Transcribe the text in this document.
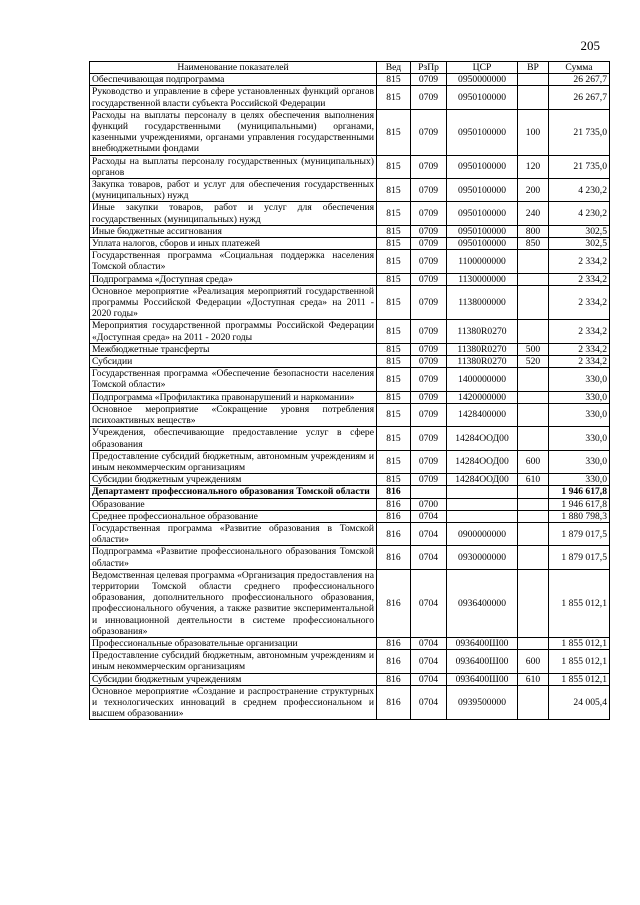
205
Наименование показателей	Вед	РзПр	ЦСР	ВР	Сумма
Обеспечивающая подпрограмма	815	0709	0950000000		26 267,7
Руководство и управление в сфере установленных функций органов государственной власти субъекта Российской Федерации	815	0709	0950100000		26 267,7
Расходы на выплаты персоналу в целях обеспечения выполнения функций государственными (муниципальными) органами, казенными учреждениями, органами управления государственными внебюджетными фондами	815	0709	0950100000	100	21 735,0
Расходы на выплаты персоналу государственных (муниципальных) органов	815	0709	0950100000	120	21 735,0
Закупка товаров, работ и услуг для обеспечения государственных (муниципальных) нужд	815	0709	0950100000	200	4 230,2
Иные закупки товаров, работ и услуг для обеспечения государственных (муниципальных) нужд	815	0709	0950100000	240	4 230,2
Иные бюджетные ассигнования	815	0709	0950100000	800	302,5
Уплата налогов, сборов и иных платежей	815	0709	0950100000	850	302,5
Государственная программа «Социальная поддержка населения Томской области»	815	0709	1100000000		2 334,2
Подпрограмма «Доступная среда»	815	0709	1130000000		2 334,2
Основное мероприятие «Реализация мероприятий государственной программы Российской Федерации «Доступная среда» на 2011 - 2020 годы»	815	0709	1138000000		2 334,2
Мероприятия государственной программы Российской Федерации «Доступная среда» на 2011 - 2020 годы	815	0709	11380R0270		2 334,2
Межбюджетные трансферты	815	0709	11380R0270	500	2 334,2
Субсидии	815	0709	11380R0270	520	2 334,2
Государственная программа «Обеспечение безопасности населения Томской области»	815	0709	1400000000		330,0
Подпрограмма «Профилактика правонарушений и наркомании»	815	0709	1420000000		330,0
Основное мероприятие «Сокращение уровня потребления психоактивных веществ»	815	0709	1428400000		330,0
Учреждения, обеспечивающие предоставление услуг в сфере образования	815	0709	14284ООД00		330,0
Предоставление субсидий бюджетным, автономным учреждениям и иным некоммерческим организациям	815	0709	14284ООД00	600	330,0
Субсидии бюджетным учреждениям	815	0709	14284ООД00	610	330,0
Департамент профессионального образования Томской области	816				1 946 617,8
Образование	816	0700			1 946 617,8
Среднее профессиональное образование	816	0704			1 880 798,3
Государственная программа «Развитие образования в Томской области»	816	0704	0900000000		1 879 017,5
Подпрограмма «Развитие профессионального образования Томской области»	816	0704	0930000000		1 879 017,5
Ведомственная целевая программа «Организация предоставления на территории Томской области среднего профессионального образования, дополнительного профессионального образования, профессионального обучения, а также развитие экспериментальной и инновационной деятельности в системе профессионального образования»	816	0704	0936400000		1 855 012,1
Профессиональные образовательные организации	816	0704	0936400Ш00		1 855 012,1
Предоставление субсидий бюджетным, автономным учреждениям и иным некоммерческим организациям	816	0704	0936400Ш00	600	1 855 012,1
Субсидии бюджетным учреждениям	816	0704	0936400Ш00	610	1 855 012,1
Основное мероприятие «Создание и распространение структурных и технологических инноваций в среднем профессиональном и высшем образовании»	816	0704	0939500000		24 005,4
